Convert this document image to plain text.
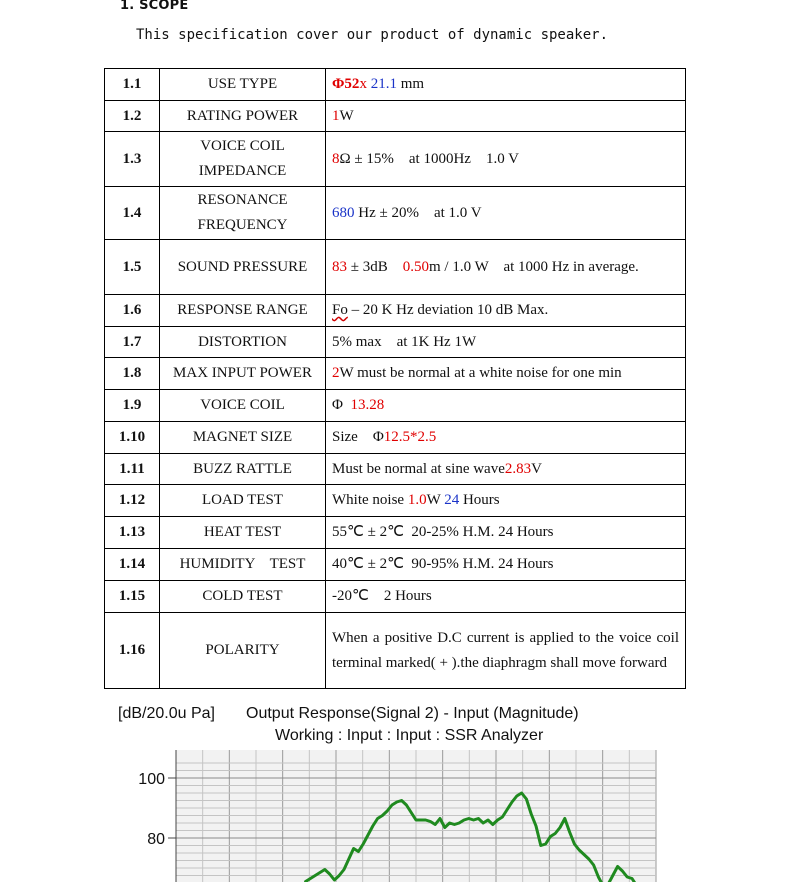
1. SCOPE
This specification cover our product of dynamic speaker.
1.1	USE TYPE	Φ52x 21.1 mm
1.2	RATING POWER	1W
1.3	VOICE COIL
IMPEDANCE	8Ω ± 15%    at 1000Hz    1.0 V
1.4	RESONANCE
FREQUENCY	680 Hz ± 20%    at 1.0 V
1.5	SOUND PRESSURE	83 ± 3dB    0.50m / 1.0 W    at 1000 Hz in average.
1.6	RESPONSE RANGE	Fo – 20 K Hz deviation 10 dB Max.
1.7	DISTORTION	5% max    at 1K Hz 1W
1.8	MAX INPUT POWER	2W must be normal at a white noise for one min
1.9	VOICE COIL	Φ  13.28
1.10	MAGNET SIZE	Size    Φ12.5*2.5
1.11	BUZZ RATTLE	Must be normal at sine wave2.83V
1.12	LOAD TEST	White noise 1.0W 24 Hours
1.13	HEAT TEST	55℃ ± 2℃  20-25% H.M. 24 Hours
1.14	HUMIDITY    TEST	40℃ ± 2℃  90-95% H.M. 24 Hours
1.15	COLD TEST	-20℃    2 Hours
1.16	POLARITY	When a positive D.C current is applied to the voice coil terminal marked( + ).the diaphragm shall move forward
[dB/20.0u Pa] Output Response(Signal 2) - Input (Magnitude)
Working : Input : Input : SSR Analyzer
100
80
